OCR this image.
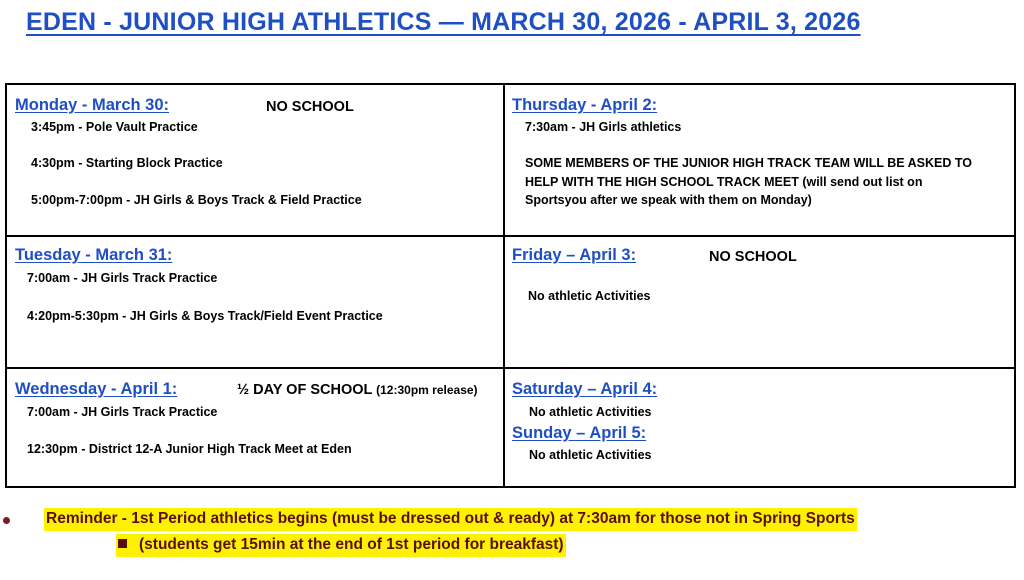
EDEN - JUNIOR HIGH ATHLETICS — MARCH 30, 2026 - APRIL 3, 2026
Monday - March 30:	NO SCHOOL
3:45pm - Pole Vault Practice
4:30pm - Starting Block Practice
5:00pm-7:00pm - JH Girls & Boys Track & Field Practice
Thursday - April 2:
7:30am - JH Girls athletics
SOME MEMBERS OF THE JUNIOR HIGH TRACK TEAM WILL BE ASKED TO HELP WITH THE HIGH SCHOOL TRACK MEET (will send out list on Sportsyou after we speak with them on Monday)
Tuesday - March 31:
7:00am - JH Girls Track Practice
4:20pm-5:30pm - JH Girls & Boys Track/Field Event Practice
Friday – April 3:	NO SCHOOL
No athletic Activities
Wednesday - April 1:	½ DAY OF SCHOOL (12:30pm release)
7:00am - JH Girls Track Practice
12:30pm - District 12-A Junior High Track Meet at Eden
Saturday – April 4:
No athletic Activities
Sunday – April 5:
No athletic Activities
Reminder - 1st Period athletics begins (must be dressed out & ready) at 7:30am for those not in Spring Sports
(students get 15min at the end of 1st period for breakfast)
